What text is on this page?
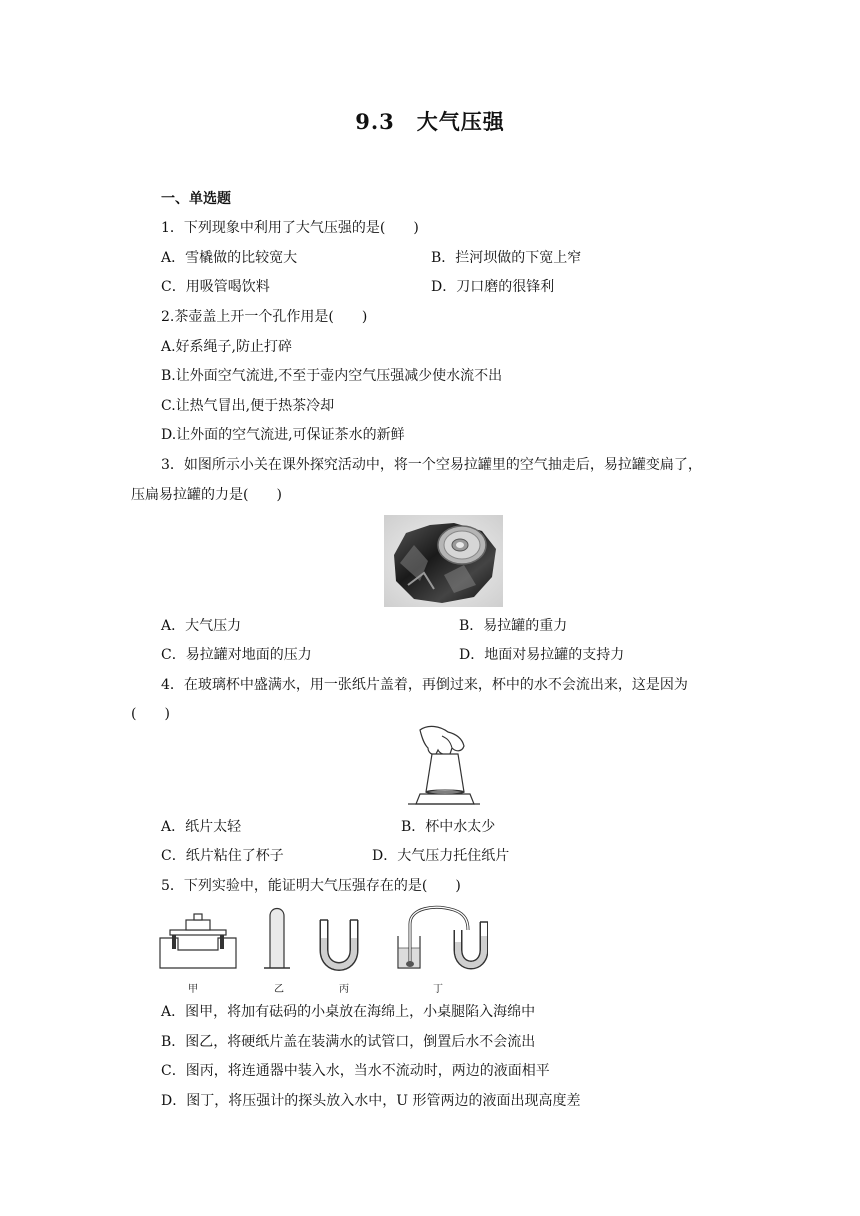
9.3　大气压强
一、单选题
1．下列现象中利用了大气压强的是(　　)
A．雪橇做的比较宽大	B．拦河坝做的下宽上窄
C．用吸管喝饮料	D．刀口磨的很锋利
2.茶壶盖上开一个孔作用是(　　)
A.好系绳子,防止打碎
B.让外面空气流进,不至于壶内空气压强减少使水流不出
C.让热气冒出,便于热茶冷却
D.让外面的空气流进,可保证茶水的新鲜
3．如图所示小关在课外探究活动中，将一个空易拉罐里的空气抽走后，易拉罐变扁了，
压扁易拉罐的力是(　　)
A．大气压力	B．易拉罐的重力
C．易拉罐对地面的压力	D．地面对易拉罐的支持力
4．在玻璃杯中盛满水，用一张纸片盖着，再倒过来，杯中的水不会流出来，这是因为
(　　)
A．纸片太轻	B．杯中水太少
C．纸片粘住了杯子	D．大气压力托住纸片
5．下列实验中，能证明大气压强存在的是(　　)
甲	乙	丙	丁
A．图甲，将加有砝码的小桌放在海绵上，小桌腿陷入海绵中
B．图乙，将硬纸片盖在装满水的试管口，倒置后水不会流出
C．图丙，将连通器中装入水，当水不流动时，两边的液面相平
D．图丁，将压强计的探头放入水中，U 形管两边的液面出现高度差
